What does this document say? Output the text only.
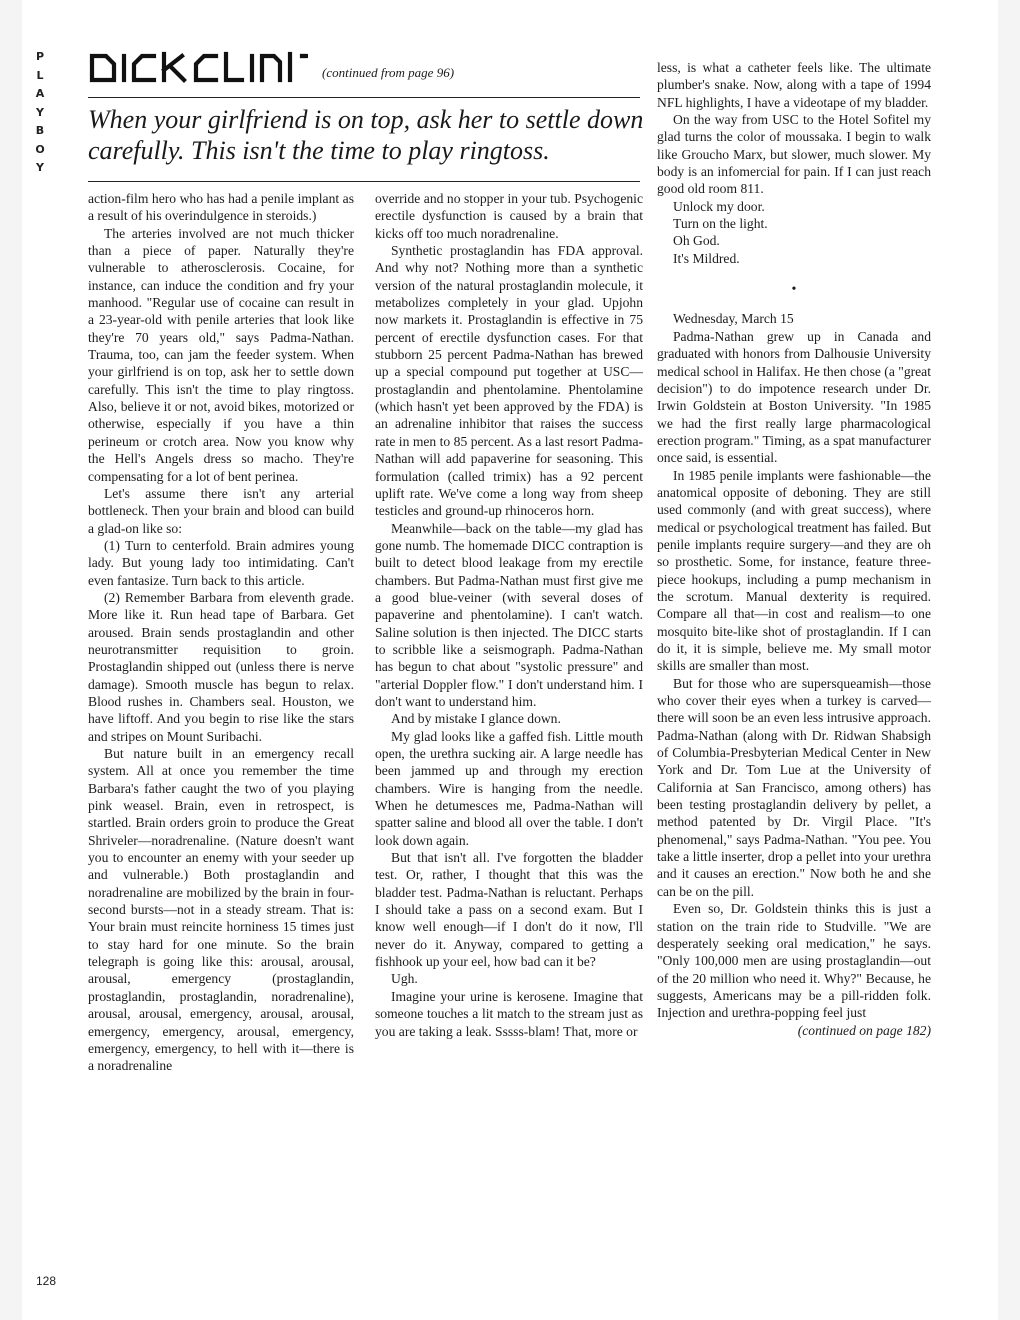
P
L
A
Y
B
O
Y
$_{(continued from page 96)}$
When your girlfriend is on top, ask her to settle down carefully. This isn't the time to play ringtoss.

action-film hero who has had a penile implant as a result of his overindulgence in steroids.)

The arteries involved are not much thicker than a piece of paper. Naturally they're vulnerable to atherosclerosis. Cocaine, for instance, can induce the condition and fry your manhood. "Regular use of cocaine can result in a 23-year-old with penile arteries that look like they're 70 years old," says Padma-Nathan. Trauma, too, can jam the feeder system. When your girlfriend is on top, ask her to settle down carefully. This isn't the time to play ringtoss. Also, believe it or not, avoid bikes, motorized or otherwise, especially if you have a thin perineum or crotch area. Now you know why the Hell's Angels dress so macho. They're compensating for a lot of bent perinea.

Let's assume there isn't any arterial bottleneck. Then your brain and blood can build a glad-on like so:

(1) Turn to centerfold. Brain admires young lady. But young lady too intimidating. Can't even fantasize. Turn back to this article.

(2) Remember Barbara from eleventh grade. More like it. Run head tape of Barbara. Get aroused. Brain sends prostaglandin and other neurotransmitter requisition to groin. Prostaglandin shipped out (unless there is nerve damage). Smooth muscle has begun to relax. Blood rushes in. Chambers seal. Houston, we have liftoff. And you begin to rise like the stars and stripes on Mount Suribachi.

But nature built in an emergency recall system. All at once you remember the time Barbara's father caught the two of you playing pink weasel. Brain, even in retrospect, is startled. Brain orders groin to produce the Great Shriveler—noradrenaline. (Nature doesn't want you to encounter an enemy with your seeder up and vulnerable.) Both prostaglandin and noradrenaline are mobilized by the brain in four-second bursts—not in a steady stream. That is: Your brain must reincite horniness 15 times just to stay hard for one minute. So the brain telegraph is going like this: arousal, arousal, arousal, emergency (prostaglandin, prostaglandin, prostaglandin, noradrenaline), arousal, arousal, emergency, arousal, arousal, emergency, emergency, arousal, emergency, emergency, emergency, to hell with it—there is a noradrenaline

override and no stopper in your tub. Psychogenic erectile dysfunction is caused by a brain that kicks off too much noradrenaline.

Synthetic prostaglandin has FDA approval. And why not? Nothing more than a synthetic version of the natural prostaglandin molecule, it metabolizes completely in your glad. Upjohn now markets it. Prostaglandin is effective in 75 percent of erectile dysfunction cases. For that stubborn 25 percent Padma-Nathan has brewed up a special compound put together at USC—prostaglandin and phentolamine. Phentolamine (which hasn't yet been approved by the FDA) is an adrenaline inhibitor that raises the success rate in men to 85 percent. As a last resort Padma-Nathan will add papaverine for seasoning. This formulation (called trimix) has a 92 percent uplift rate. We've come a long way from sheep testicles and ground-up rhinoceros horn.

Meanwhile—back on the table—my glad has gone numb. The homemade DICC contraption is built to detect blood leakage from my erectile chambers. But Padma-Nathan must first give me a good blue-veiner (with several doses of papaverine and phentolamine). I can't watch. Saline solution is then injected. The DICC starts to scribble like a seismograph. Padma-Nathan has begun to chat about "systolic pressure" and "arterial Doppler flow." I don't understand him. I don't want to understand him.

And by mistake I glance down.

My glad looks like a gaffed fish. Little mouth open, the urethra sucking air. A large needle has been jammed up and through my erection chambers. Wire is hanging from the needle. When he detumesces me, Padma-Nathan will spatter saline and blood all over the table. I don't look down again.

But that isn't all. I've forgotten the bladder test. Or, rather, I thought that this was the bladder test. Padma-Nathan is reluctant. Perhaps I should take a pass on a second exam. But I know well enough—if I don't do it now, I'll never do it. Anyway, compared to getting a fishhook up your eel, how bad can it be?

Ugh.

Imagine your urine is kerosene. Imagine that someone touches a lit match to the stream just as you are taking a leak. Sssss-blam! That, more or

less, is what a catheter feels like. The ultimate plumber's snake. Now, along with a tape of 1994 NFL highlights, I have a videotape of my bladder.

On the way from USC to the Hotel Sofitel my glad turns the color of moussaka. I begin to walk like Groucho Marx, but slower, much slower. My body is an infomercial for pain. If I can just reach good old room 811.

Unlock my door.

Turn on the light.

Oh God.

It's Mildred.

•

Wednesday, March 15

Padma-Nathan grew up in Canada and graduated with honors from Dalhousie University medical school in Halifax. He then chose (a "great decision") to do impotence research under Dr. Irwin Goldstein at Boston University. "In 1985 we had the first really large pharmacological erection program." Timing, as a spat manufacturer once said, is essential.

In 1985 penile implants were fashionable—the anatomical opposite of deboning. They are still used commonly (and with great success), where medical or psychological treatment has failed. But penile implants require surgery—and they are oh so prosthetic. Some, for instance, feature three-piece hookups, including a pump mechanism in the scrotum. Manual dexterity is required. Compare all that—in cost and realism—to one mosquito bite-like shot of prostaglandin. If I can do it, it is simple, believe me. My small motor skills are smaller than most.

But for those who are supersqueamish—those who cover their eyes when a turkey is carved—there will soon be an even less intrusive approach. Padma-Nathan (along with Dr. Ridwan Shabsigh of Columbia-Presbyterian Medical Center in New York and Dr. Tom Lue at the University of California at San Francisco, among others) has been testing prostaglandin delivery by pellet, a method patented by Dr. Virgil Place. "It's phenomenal," says Padma-Nathan. "You pee. You take a little inserter, drop a pellet into your urethra and it causes an erection." Now both he and she can be on the pill.

Even so, Dr. Goldstein thinks this is just a station on the train ride to Studville. "We are desperately seeking oral medication," he says. "Only 100,000 men are using prostaglandin—out of the 20 million who need it. Why?" Because, he suggests, Americans may be a pill-ridden folk. Injection and urethra-popping feel just

(continued on page 182)
128
